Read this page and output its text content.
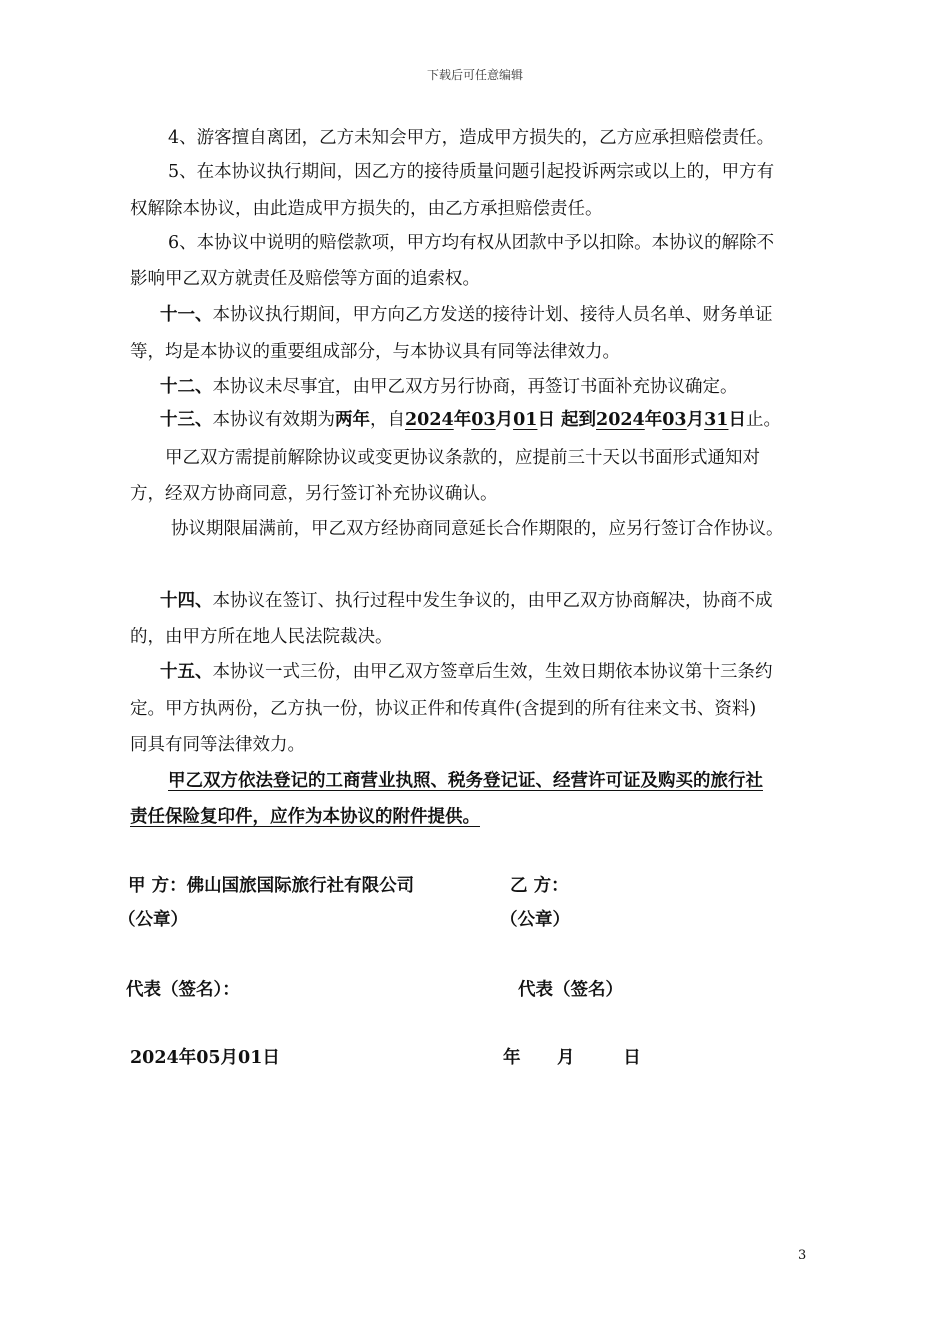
下载后可任意编辑
4、游客擅自离团，乙方未知会甲方，造成甲方损失的，乙方应承担赔偿责任。
5、在本协议执行期间，因乙方的接待质量问题引起投诉两宗或以上的，甲方有
权解除本协议，由此造成甲方损失的，由乙方承担赔偿责任。
6、本协议中说明的赔偿款项，甲方均有权从团款中予以扣除。本协议的解除不
影响甲乙双方就责任及赔偿等方面的追索权。
十一、本协议执行期间，甲方向乙方发送的接待计划、接待人员名单、财务单证
等，均是本协议的重要组成部分，与本协议具有同等法律效力。
十二、本协议未尽事宜，由甲乙双方另行协商，再签订书面补充协议确定。
十三、本协议有效期为两年，自2024年03月01日 起到2024年03月31日止。
甲乙双方需提前解除协议或变更协议条款的，应提前三十天以书面形式通知对
方，经双方协商同意，另行签订补充协议确认。
协议期限届满前，甲乙双方经协商同意延长合作期限的，应另行签订合作协议。
十四、本协议在签订、执行过程中发生争议的，由甲乙双方协商解决，协商不成
的，由甲方所在地人民法院裁决。
十五、本协议一式三份，由甲乙双方签章后生效，生效日期依本协议第十三条约
定。甲方执两份，乙方执一份，协议正件和传真件(含提到的所有往来文书、资料)
同具有同等法律效力。
甲乙双方依法登记的工商营业执照、税务登记证、经营许可证及购买的旅行社
责任保险复印件，应作为本协议的附件提供。
甲 方：佛山国旅国际旅行社有限公司	乙 方：
（公章）	（公章）
代表（签名）：	代表（签名）
2024年05月01日	年      月        日
3
